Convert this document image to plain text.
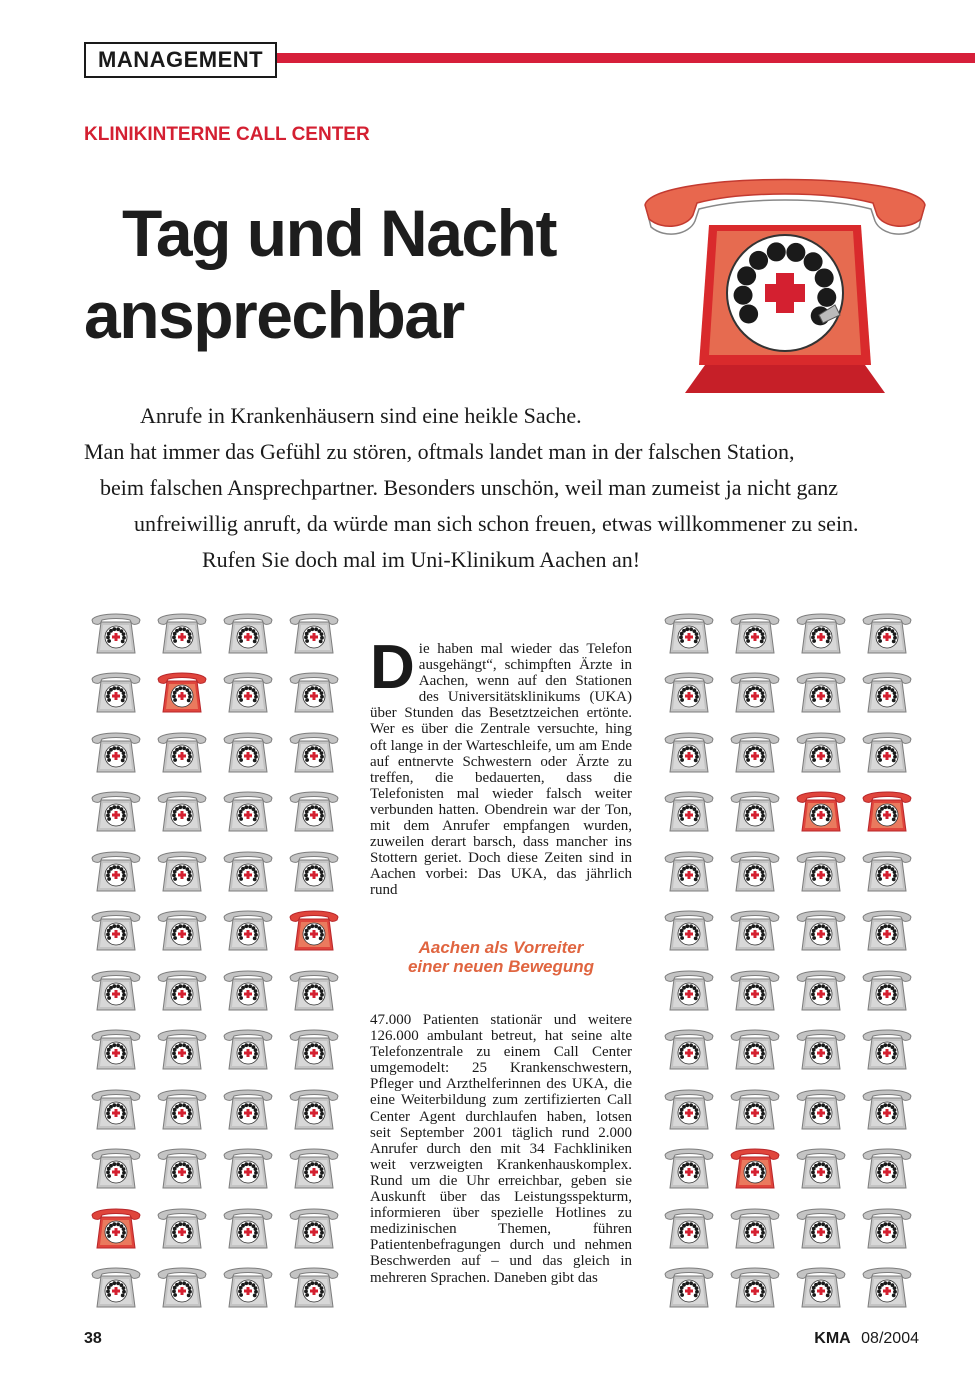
MANAGEMENT
KLINIKINTERNE CALL CENTER
Tag und Nacht
ansprechbar
Anrufe in Krankenhäusern sind eine heikle Sache.
Man hat immer das Gefühl zu stören, oftmals landet man in der falschen Station,
beim falschen Ansprechpartner. Besonders unschön, weil man zumeist ja nicht ganz
unfreiwillig anruft, da würde man sich schon freuen, etwas willkommener zu sein.
Rufen Sie doch mal im Uni-Klinikum Aachen an!
D ie haben mal wieder das Telefon ausgehängt“, schimpften Ärzte in Aachen, wenn auf den Stationen des Universitätsklinikums (UKA) über Stunden das Besetztzeichen ertönte. Wer es über die Zentrale versuchte, hing oft lange in der Warteschleife, um am Ende auf entnervte Schwestern oder Ärzte zu treffen, die bedauerten, dass die Telefonisten mal wieder falsch weiter verbunden hatten. Obendrein war der Ton, mit dem Anrufer empfangen wurden, zuweilen derart barsch, dass mancher ins Stottern geriet. Doch diese Zeiten sind in Aachen vorbei: Das UKA, das jährlich rund
Aachen als Vorreiter
einer neuen Bewegung
47.000 Patienten stationär und weitere 126.000 ambulant betreut, hat seine alte Telefonzentrale zu einem Call Center umgemodelt: 25 Krankenschwestern, Pfleger und Arzthelferinnen des UKA, die eine Weiterbildung zum zertifizierten Call Center Agent durchlaufen haben, lotsen seit September 2001 täglich rund 2.000 Anrufer durch den mit 34 Fachkliniken weit verzweigten Krankenhauskomplex. Rund um die Uhr erreichbar, geben sie Auskunft über das Leistungsspekturm, informieren über spezielle Hotlines zu medizinischen Themen, führen Patientenbefragungen durch und nehmen Beschwerden auf – und das gleich in mehreren Sprachen. Daneben gibt das
38	KMA 08/2004
